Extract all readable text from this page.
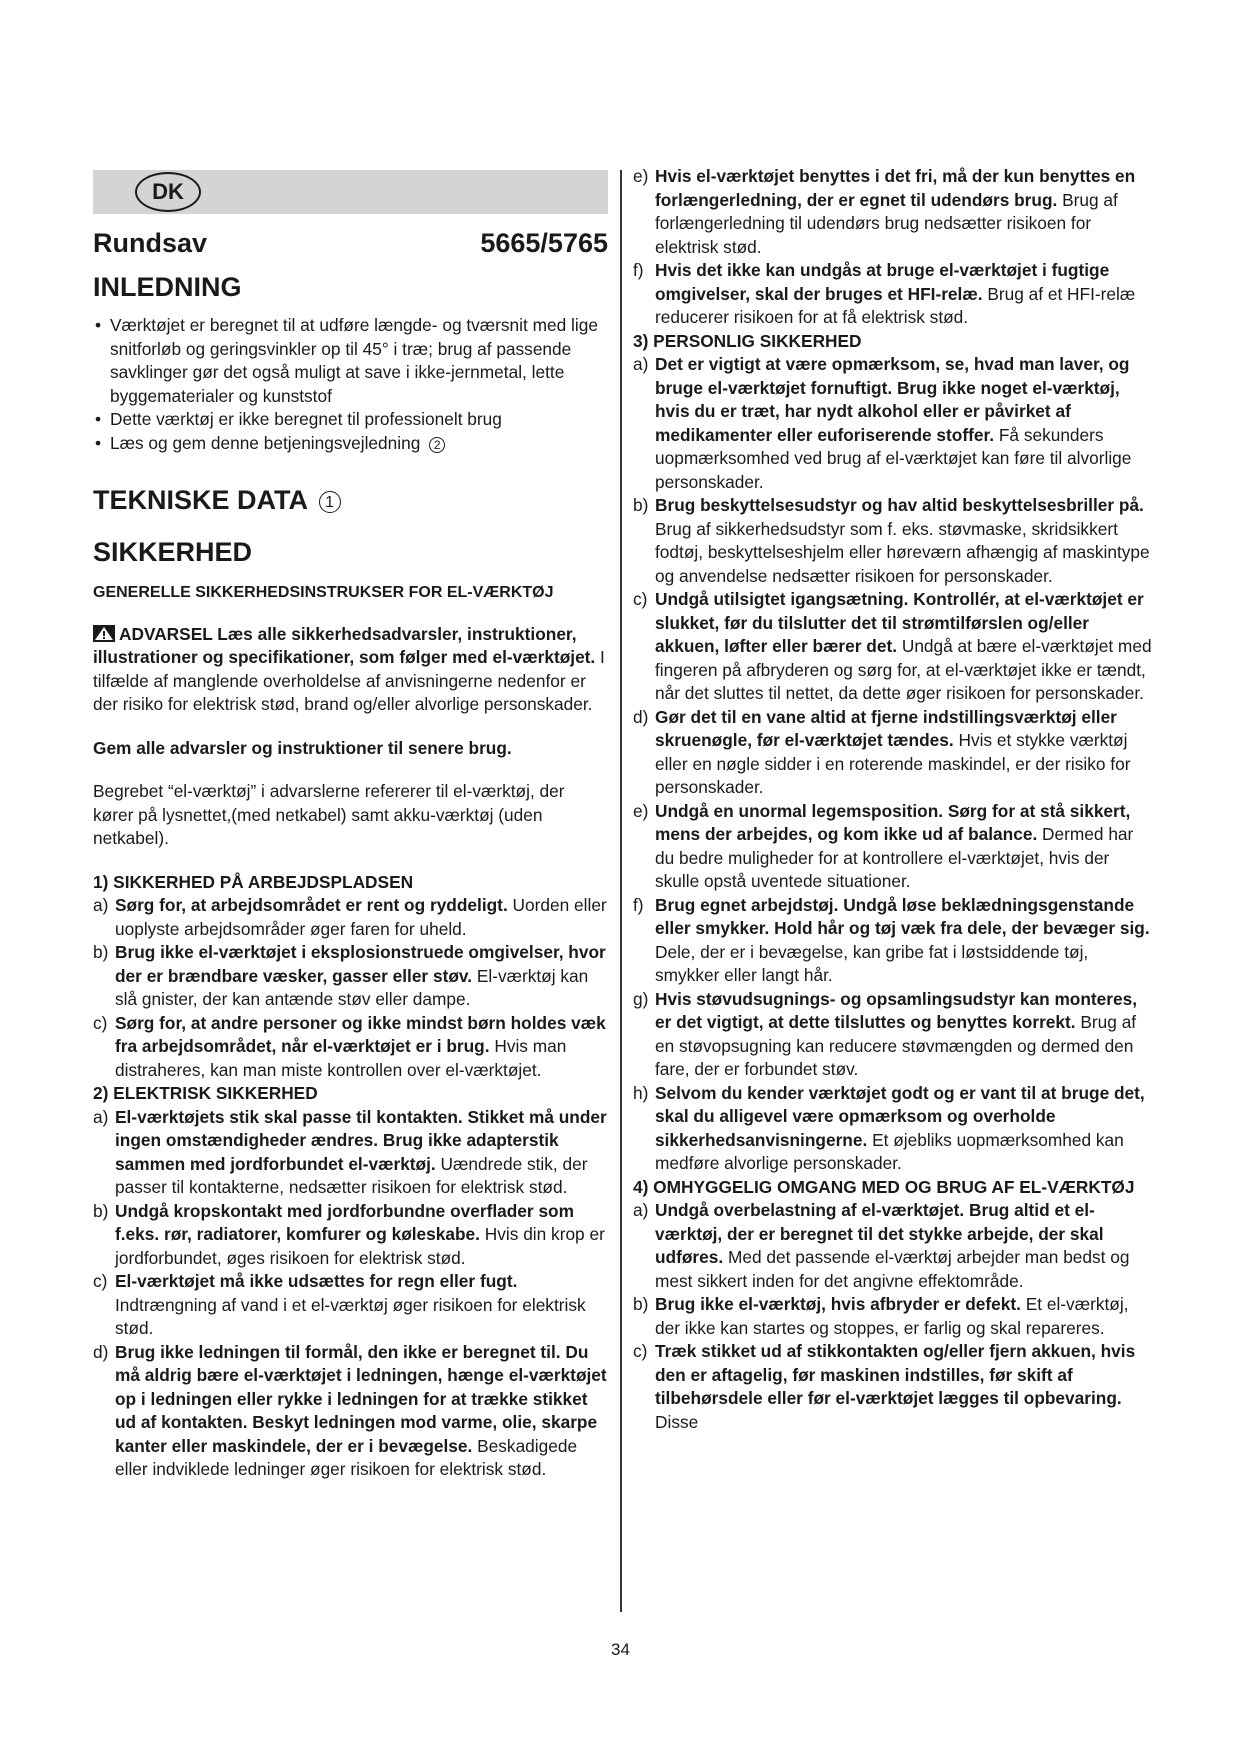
DK
Rundsav	5665/5765
INLEDNING
• Værktøjet er beregnet til at udføre længde- og tværsnit med lige snitforløb og geringsvinkler op til 45° i træ; brug af passende savklinger gør det også muligt at save i ikke-jernmetal, lette byggematerialer og kunststof
• Dette værktøj er ikke beregnet til professionelt brug
• Læs og gem denne betjeningsvejledning 2
TEKNISKE DATA 1
SIKKERHED
GENERELLE SIKKERHEDSINSTRUKSER FOR EL-VÆRKTØJ

ADVARSEL Læs alle sikkerhedsadvarsler, instruktioner, illustrationer og specifikationer, som følger med el-værktøjet. I tilfælde af manglende overholdelse af anvisningerne nedenfor er der risiko for elektrisk stød, brand og/eller alvorlige personskader.

Gem alle advarsler og instruktioner til senere brug.

Begrebet “el-værktøj” i advarslerne refererer til el-værktøj, der kører på lysnettet,(med netkabel) samt akku-værktøj (uden netkabel).

1) SIKKERHED PÅ ARBEJDSPLADSEN
a) Sørg for, at arbejdsområdet er rent og ryddeligt. Uorden eller uoplyste arbejdsområder øger faren for uheld.
b) Brug ikke el-værktøjet i eksplosionstruede omgivelser, hvor der er brændbare væsker, gasser eller støv. El-værktøj kan slå gnister, der kan antænde støv eller dampe.
c) Sørg for, at andre personer og ikke mindst børn holdes væk fra arbejdsområdet, når el-værktøjet er i brug. Hvis man distraheres, kan man miste kontrollen over el-værktøjet.
2) ELEKTRISK SIKKERHED
a) El-værktøjets stik skal passe til kontakten. Stikket må under ingen omstændigheder ændres. Brug ikke adapterstik sammen med jordforbundet el-værktøj. Uændrede stik, der passer til kontakterne, nedsætter risikoen for elektrisk stød.
b) Undgå kropskontakt med jordforbundne overflader som f.eks. rør, radiatorer, komfurer og køleskabe. Hvis din krop er jordforbundet, øges risikoen for elektrisk stød.
c) El-værktøjet må ikke udsættes for regn eller fugt. Indtrængning af vand i et el-værktøj øger risikoen for elektrisk stød.
d) Brug ikke ledningen til formål, den ikke er beregnet til. Du må aldrig bære el-værktøjet i ledningen, hænge el-værktøjet op i ledningen eller rykke i ledningen for at trække stikket ud af kontakten. Beskyt ledningen mod varme, olie, skarpe kanter eller maskindele, der er i bevægelse. Beskadigede eller indviklede ledninger øger risikoen for elektrisk stød.
e) Hvis el-værktøjet benyttes i det fri, må der kun benyttes en forlængerledning, der er egnet til udendørs brug. Brug af forlængerledning til udendørs brug nedsætter risikoen for elektrisk stød.
f) Hvis det ikke kan undgås at bruge el-værktøjet i fugtige omgivelser, skal der bruges et HFI-relæ. Brug af et HFI-relæ reducerer risikoen for at få elektrisk stød.
3) PERSONLIG SIKKERHED
a) Det er vigtigt at være opmærksom, se, hvad man laver, og bruge el-værktøjet fornuftigt. Brug ikke noget el-værktøj, hvis du er træt, har nydt alkohol eller er påvirket af medikamenter eller euforiserende stoffer. Få sekunders uopmærksomhed ved brug af el-værktøjet kan føre til alvorlige personskader.
b) Brug beskyttelsesudstyr og hav altid beskyttelsesbriller på. Brug af sikkerhedsudstyr som f. eks. støvmaske, skridsikkert fodtøj, beskyttelseshjelm eller høreværn afhængig af maskintype og anvendelse nedsætter risikoen for personskader.
c) Undgå utilsigtet igangsætning. Kontrollér, at el-værktøjet er slukket, før du tilslutter det til strømtilførslen og/eller akkuen, løfter eller bærer det. Undgå at bære el-værktøjet med fingeren på afbryderen og sørg for, at el-værktøjet ikke er tændt, når det sluttes til nettet, da dette øger risikoen for personskader.
d) Gør det til en vane altid at fjerne indstillingsværktøj eller skruenøgle, før el-værktøjet tændes. Hvis et stykke værktøj eller en nøgle sidder i en roterende maskindel, er der risiko for personskader.
e) Undgå en unormal legemsposition. Sørg for at stå sikkert, mens der arbejdes, og kom ikke ud af balance. Dermed har du bedre muligheder for at kontrollere el-værktøjet, hvis der skulle opstå uventede situationer.
f) Brug egnet arbejdstøj. Undgå løse beklædningsgenstande eller smykker. Hold hår og tøj væk fra dele, der bevæger sig. Dele, der er i bevægelse, kan gribe fat i løstsiddende tøj, smykker eller langt hår.
g) Hvis støvudsugnings- og opsamlingsudstyr kan monteres, er det vigtigt, at dette tilsluttes og benyttes korrekt. Brug af en støvopsugning kan reducere støvmængden og dermed den fare, der er forbundet støv.
h) Selvom du kender værktøjet godt og er vant til at bruge det, skal du alligevel være opmærksom og overholde sikkerhedsanvisningerne. Et øjebliks uopmærksomhed kan medføre alvorlige personskader.
4) OMHYGGELIG OMGANG MED OG BRUG AF EL-VÆRKTØJ
a) Undgå overbelastning af el-værktøjet. Brug altid et el-værktøj, der er beregnet til det stykke arbejde, der skal udføres. Med det passende el-værktøj arbejder man bedst og mest sikkert inden for det angivne effektområde.
b) Brug ikke el-værktøj, hvis afbryder er defekt. Et el-værktøj, der ikke kan startes og stoppes, er farlig og skal repareres.
c) Træk stikket ud af stikkontakten og/eller fjern akkuen, hvis den er aftagelig, før maskinen indstilles, før skift af tilbehørsdele eller før el-værktøjet lægges til opbevaring. Disse
34
